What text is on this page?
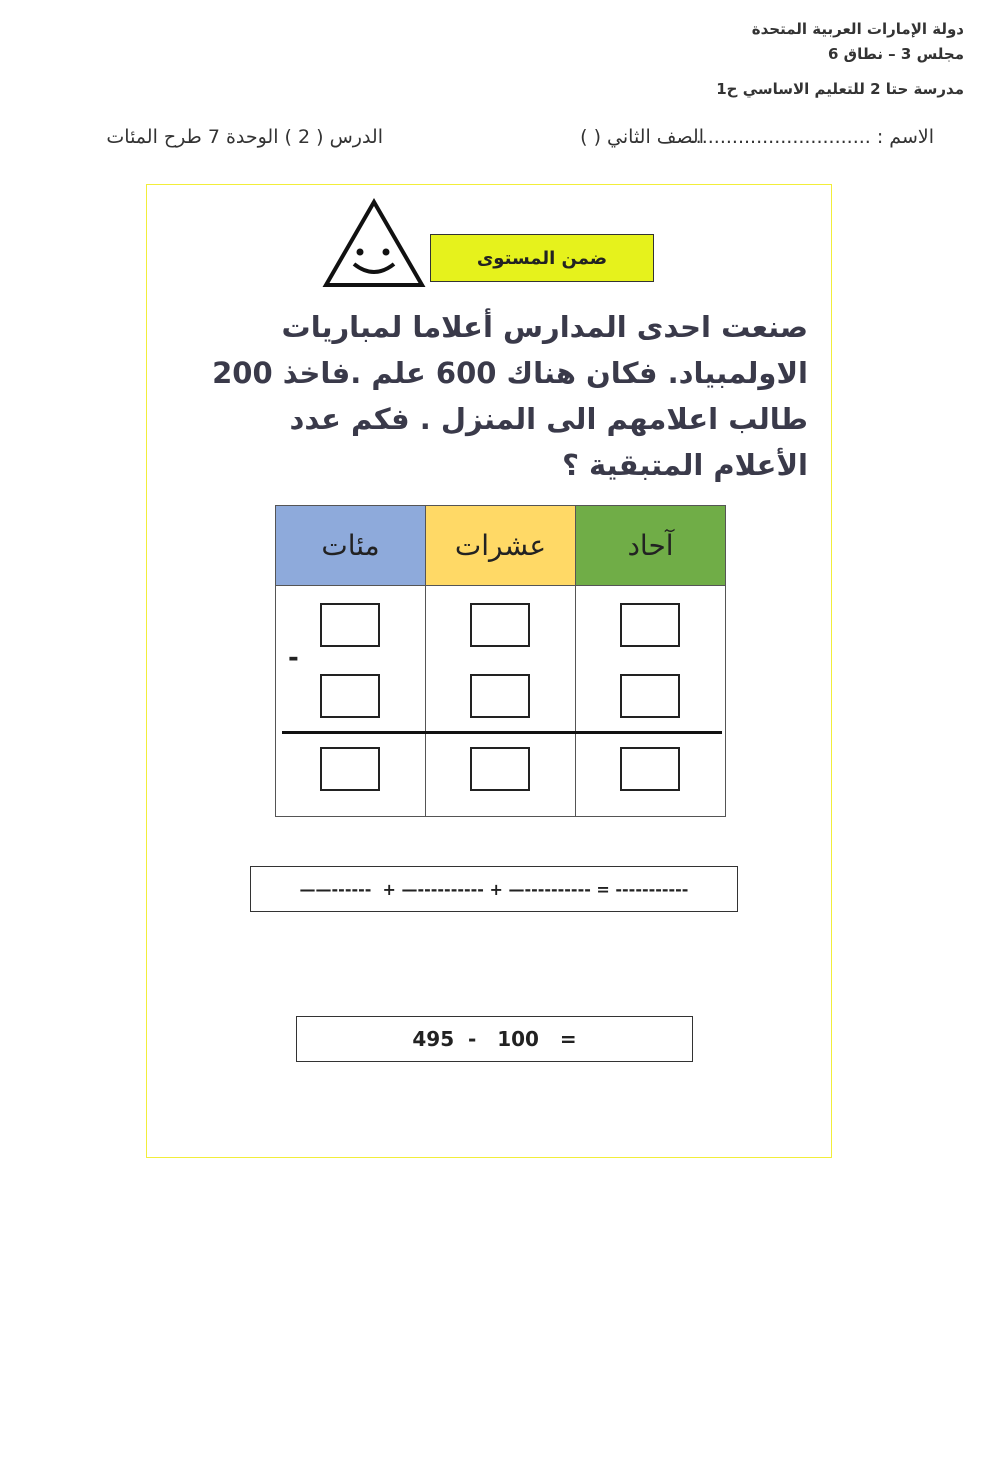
دولة الإمارات العربية المتحدة
مجلس 3 – نطاق 6
مدرسة حتا 2 للتعليم الاساسي ح1
الاسم : ..............................
الصف الثاني ( )
الدرس ( 2 ) الوحدة 7 طرح المئات
ضمن المستوى
صنعت احدى المدارس أعلاما لمباريات الاولمبياد. فكان هناك 600 علم .فاخذ 200 طالب اعلامهم الى المنزل . فكم عدد الأعلام المتبقية ؟
مئات	عشرات	آحاد

-
——------  + —---------- + —---------- = -----------
495  -   100   =
